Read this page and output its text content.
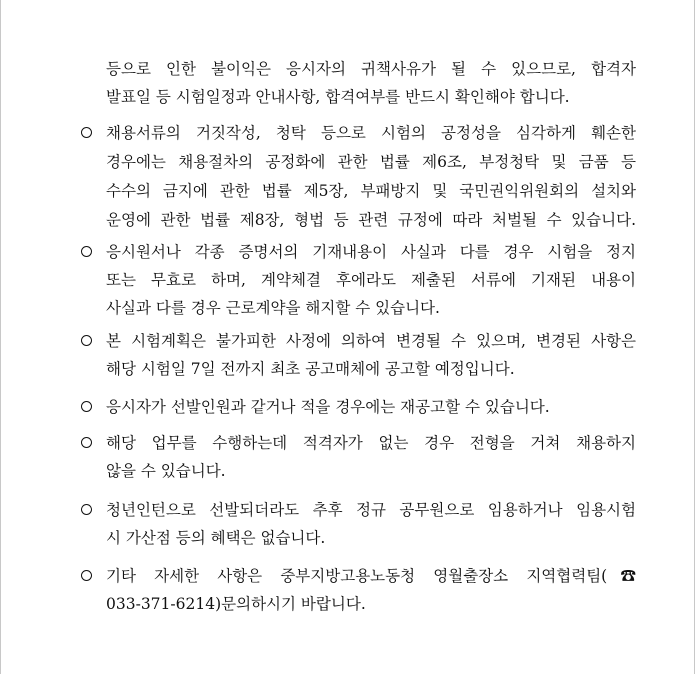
등으로 인한 불이익은 응시자의 귀책사유가 될 수 있으므로, 합격자
발표일 등 시험일정과 안내사항, 합격여부를 반드시 확인해야 합니다.
채용서류의 거짓작성, 청탁 등으로 시험의 공정성을 심각하게 훼손한
경우에는 채용절차의 공정화에 관한 법률 제6조, 부정청탁 및 금품 등
수수의 금지에 관한 법률 제5장, 부패방지 및 국민권익위원회의 설치와
운영에 관한 법률 제8장, 형법 등 관련 규정에 따라 처벌될 수 있습니다.
응시원서나 각종 증명서의 기재내용이 사실과 다를 경우 시험을 정지
또는 무효로 하며, 계약체결 후에라도 제출된 서류에 기재된 내용이
사실과 다를 경우 근로계약을 해지할 수 있습니다.
본 시험계획은 불가피한 사정에 의하여 변경될 수 있으며, 변경된 사항은
해당 시험일 7일 전까지 최초 공고매체에 공고할 예정입니다.
응시자가 선발인원과 같거나 적을 경우에는 재공고할 수 있습니다.
해당 업무를 수행하는데 적격자가 없는 경우 전형을 거쳐 채용하지
않을 수 있습니다.
청년인턴으로 선발되더라도 추후 정규 공무원으로 임용하거나 임용시험
시 가산점 등의 혜택은 없습니다.
기타 자세한 사항은 중부지방고용노동청 영월출장소 지역협력팀(☎
033-371-6214)문의하시기 바랍니다.
